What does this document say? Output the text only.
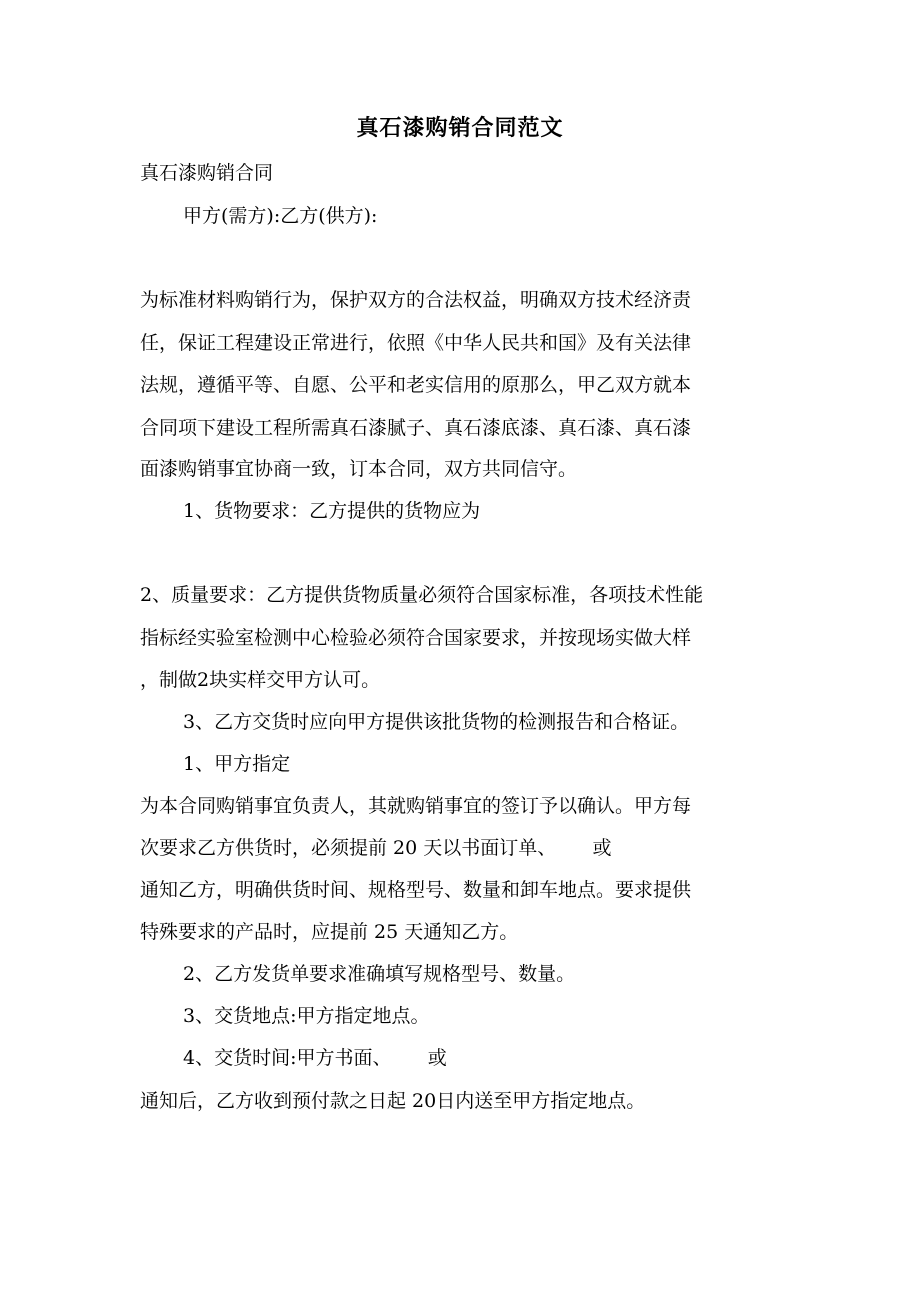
真石漆购销合同范文
真石漆购销合同
甲方(需方):乙方(供方):
为标准材料购销行为，保护双方的合法权益，明确双方技术经济责
任，保证工程建设正常进行，依照《中华人民共和国》及有关法律
法规，遵循平等、自愿、公平和老实信用的原那么，甲乙双方就本
合同项下建设工程所需真石漆腻子、真石漆底漆、真石漆、真石漆
面漆购销事宜协商一致，订本合同，双方共同信守。
1、货物要求：乙方提供的货物应为
2、质量要求：乙方提供货物质量必须符合国家标准，各项技术性能
指标经实验室检测中心检验必须符合国家要求，并按现场实做大样
，制做2块实样交甲方认可。
3、乙方交货时应向甲方提供该批货物的检测报告和合格证。
1、甲方指定
为本合同购销事宜负责人，其就购销事宜的签订予以确认。甲方每
次要求乙方供货时，必须提前 20 天以书面订单、      或
通知乙方，明确供货时间、规格型号、数量和卸车地点。要求提供
特殊要求的产品时，应提前 25 天通知乙方。
2、乙方发货单要求准确填写规格型号、数量。
3、交货地点:甲方指定地点。
4、交货时间:甲方书面、      或
通知后，乙方收到预付款之日起 20日内送至甲方指定地点。
